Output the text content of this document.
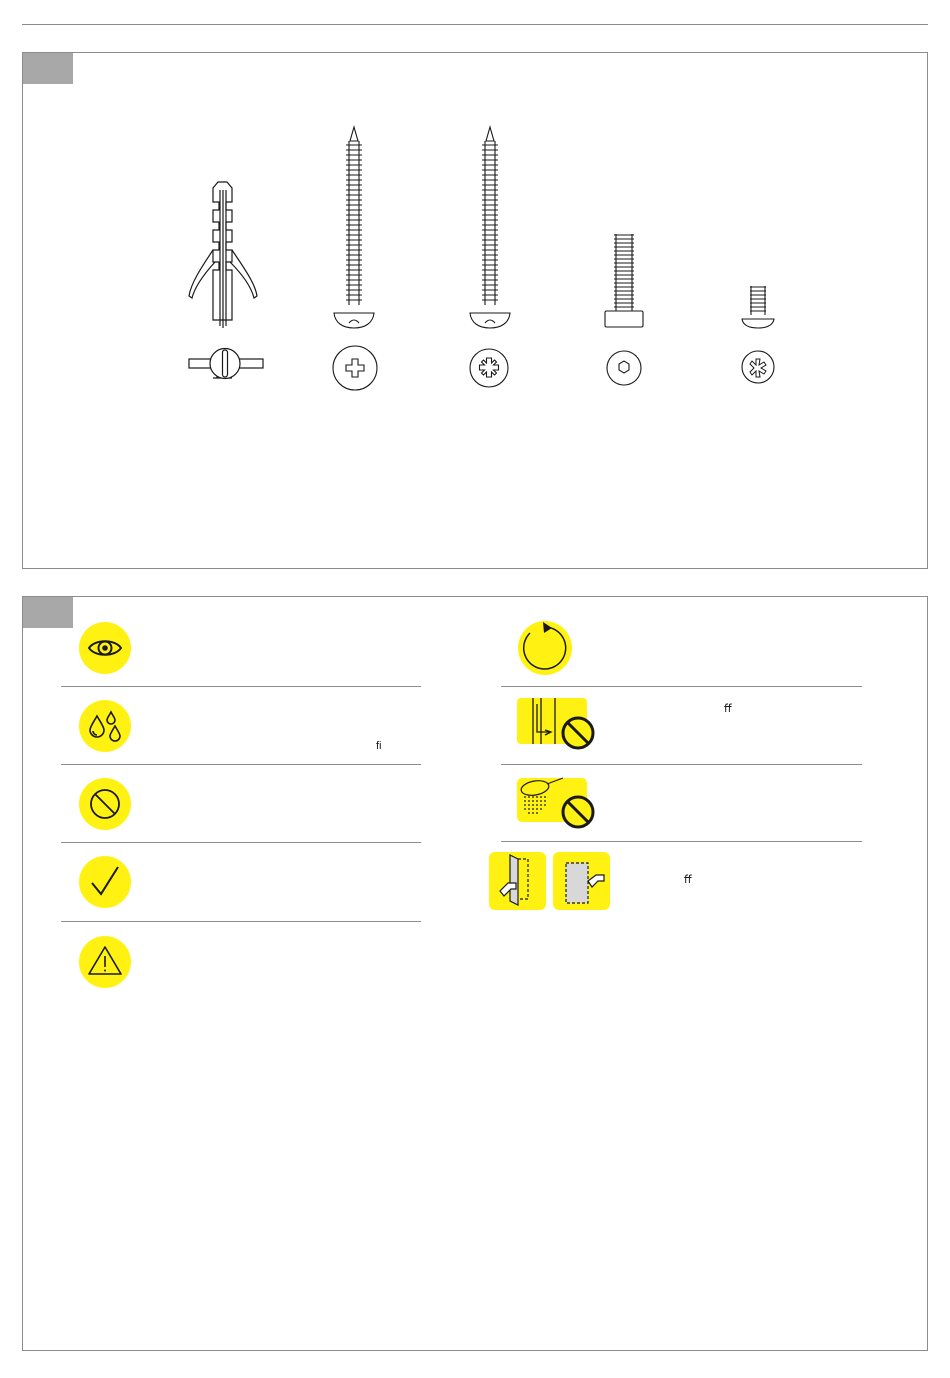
ﬁ
ﬀ
ﬀ
